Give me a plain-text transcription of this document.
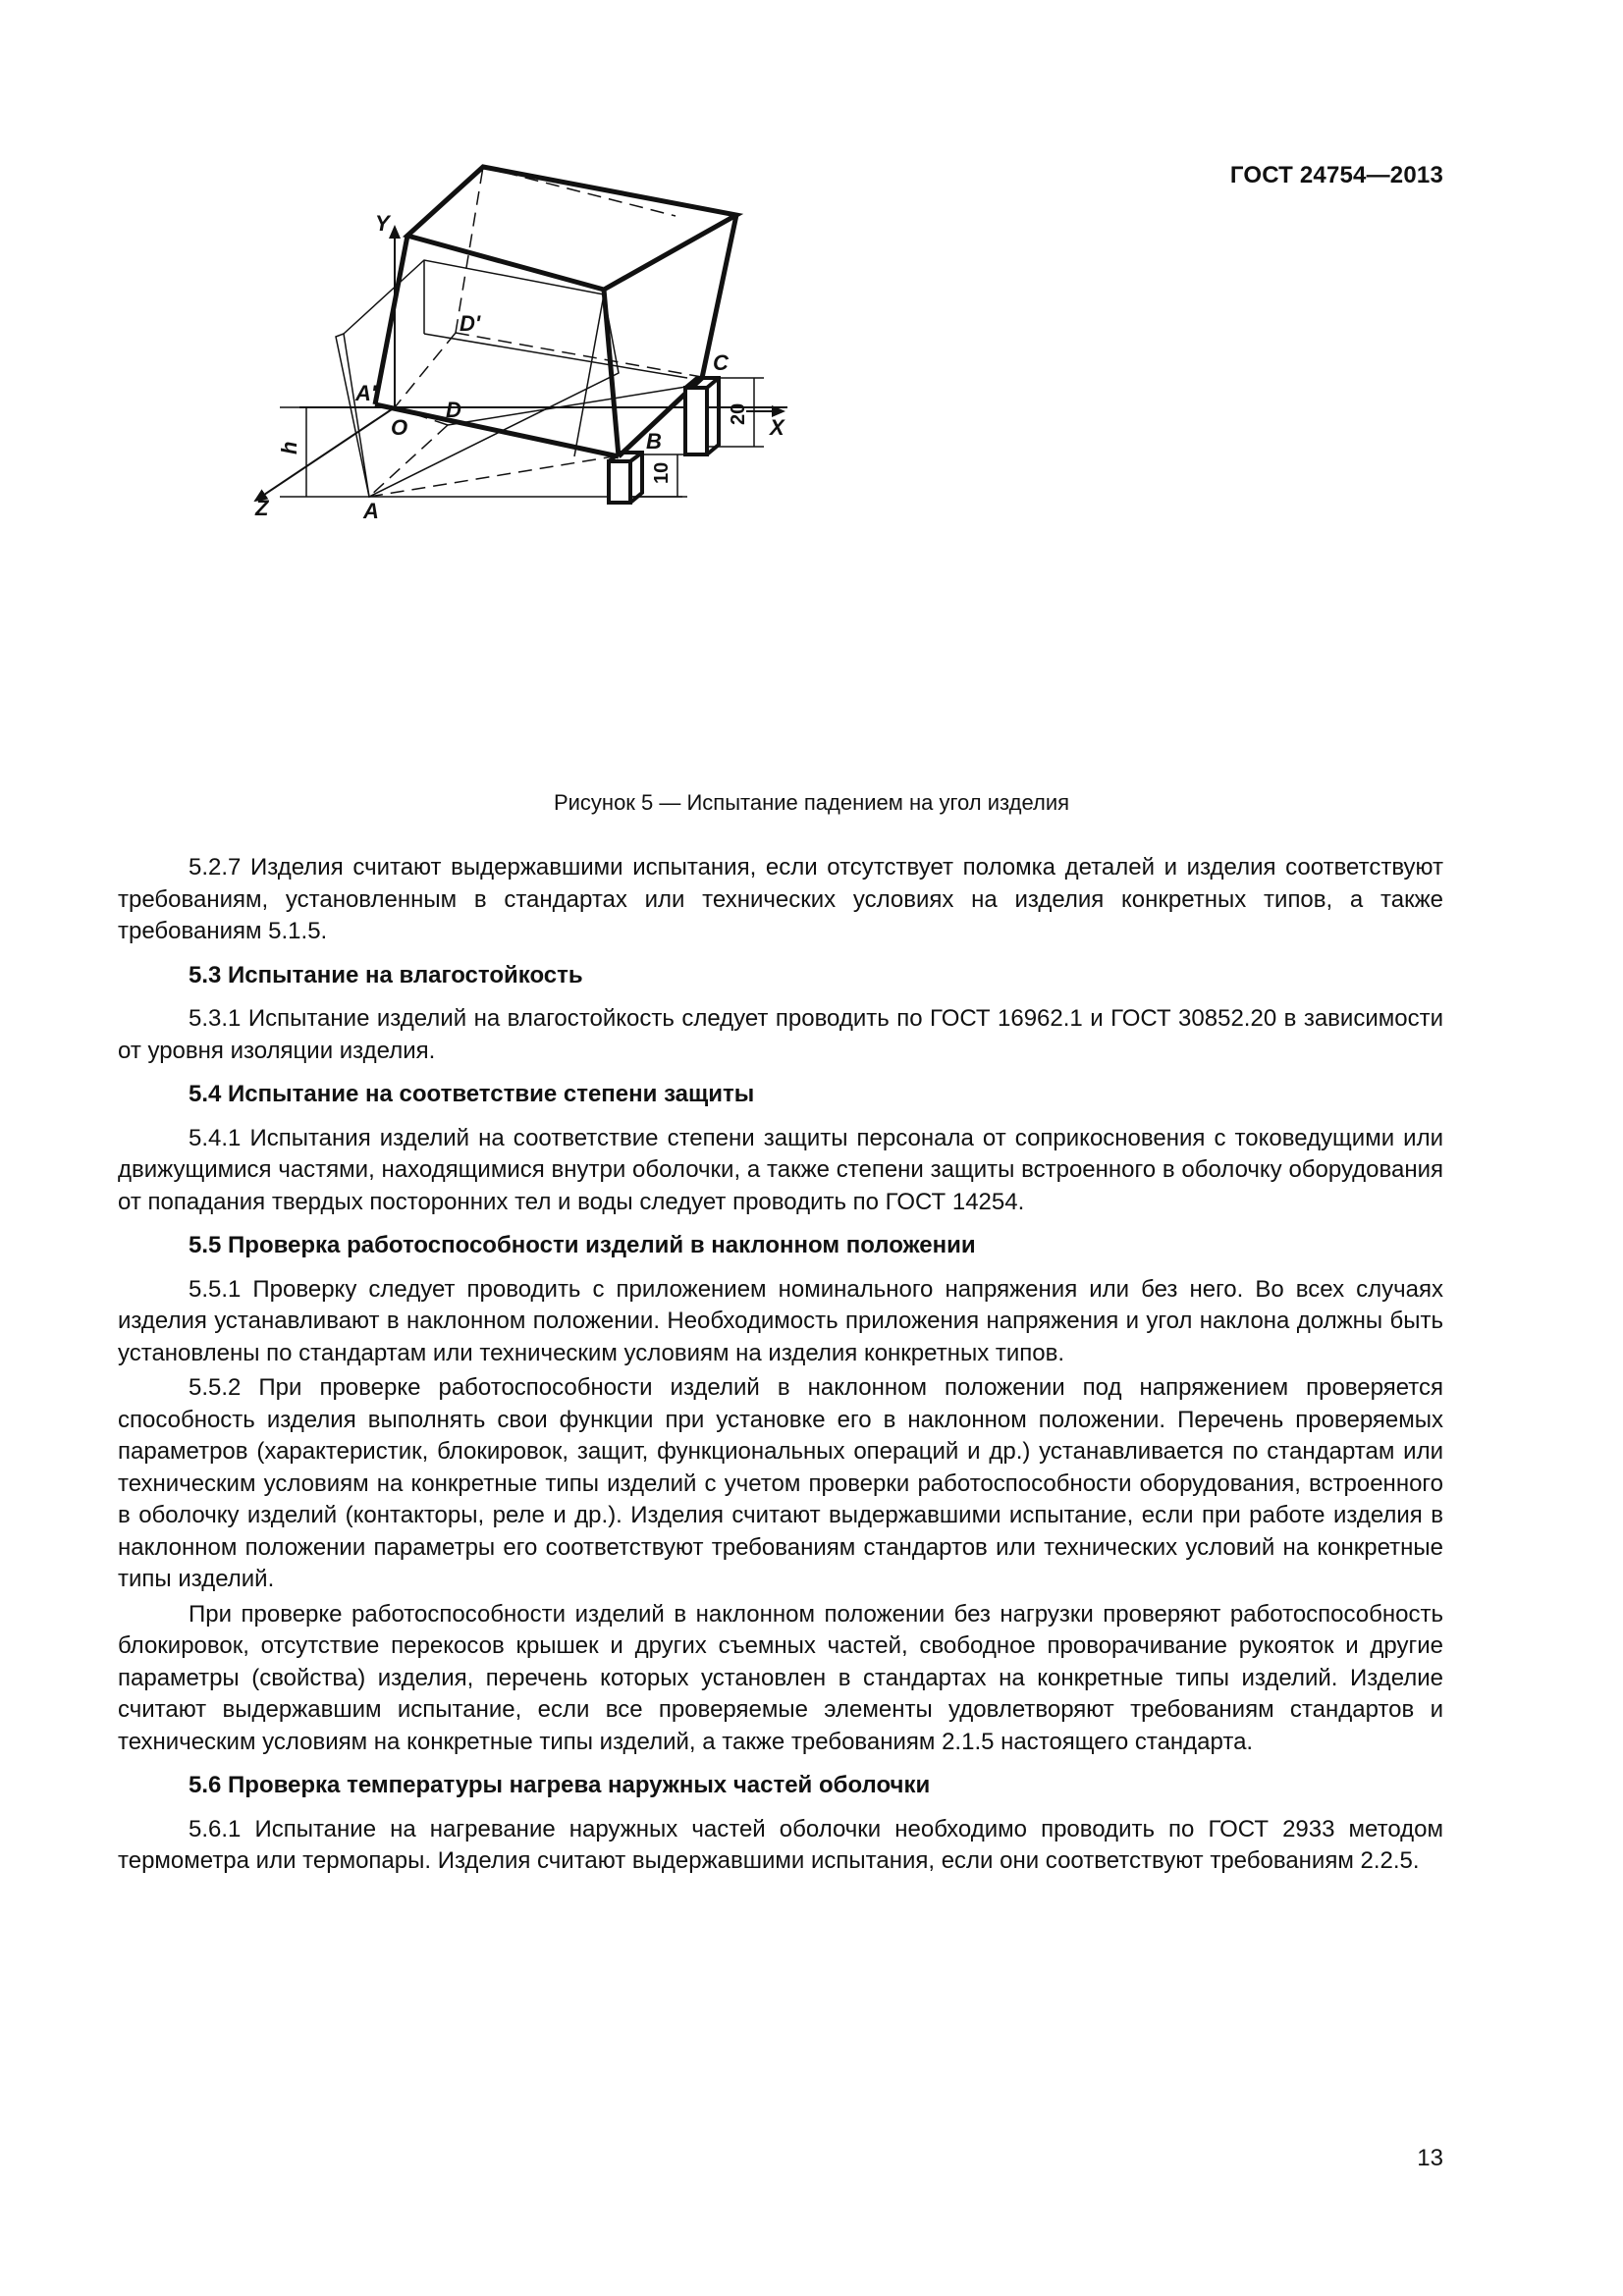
ГОСТ 24754—2013
20
10
h
Y
X
Z
D'
A'
D
O
C
B
A
Рисунок 5 — Испытание падением на угол изделия

5.2.7 Изделия считают выдержавшими испытания, если отсутствует поломка деталей и изделия соответствуют требованиям, установленным в стандартах или технических условиях на изделия конкретных типов, а также требованиям 5.1.5.

5.3 Испытание на влагостойкость

5.3.1 Испытание изделий на влагостойкость следует проводить по ГОСТ 16962.1 и ГОСТ 30852.20 в зависимости от уровня изоляции изделия.

5.4 Испытание на соответствие степени защиты

5.4.1 Испытания изделий на соответствие степени защиты персонала от соприкосновения с токоведущими или движущимися частями, находящимися внутри оболочки, а также степени защиты встроенного в оболочку оборудования от попадания твердых посторонних тел и воды следует проводить по ГОСТ 14254.

5.5 Проверка работоспособности изделий в наклонном положении

5.5.1 Проверку следует проводить с приложением номинального напряжения или без него. Во всех случаях изделия устанавливают в наклонном положении. Необходимость приложения напряжения и угол наклона должны быть установлены по стандартам или техническим условиям на изделия конкретных типов.

5.5.2 При проверке работоспособности изделий в наклонном положении под напряжением проверяется способность изделия выполнять свои функции при установке его в наклонном положении. Перечень проверяемых параметров (характеристик, блокировок, защит, функциональных операций и др.) устанавливается по стандартам или техническим условиям на конкретные типы изделий с учетом проверки работоспособности оборудования, встроенного в оболочку изделий (контакторы, реле и др.). Изделия считают выдержавшими испытание, если при работе изделия в наклонном положении параметры его соответствуют требованиям стандартов или технических условий на конкретные типы изделий.

При проверке работоспособности изделий в наклонном положении без нагрузки проверяют работоспособность блокировок, отсутствие перекосов крышек и других съемных частей, свободное проворачивание рукояток и другие параметры (свойства) изделия, перечень которых установлен в стандартах на конкретные типы изделий. Изделие считают выдержавшим испытание, если все проверяемые элементы удовлетворяют требованиям стандартов и техническим условиям на конкретные типы изделий, а также требованиям 2.1.5 настоящего стандарта.

5.6 Проверка температуры нагрева наружных частей оболочки

5.6.1 Испытание на нагревание наружных частей оболочки необходимо проводить по ГОСТ 2933 методом термометра или термопары. Изделия считают выдержавшими испытания, если они соответствуют требованиям 2.2.5.

13
